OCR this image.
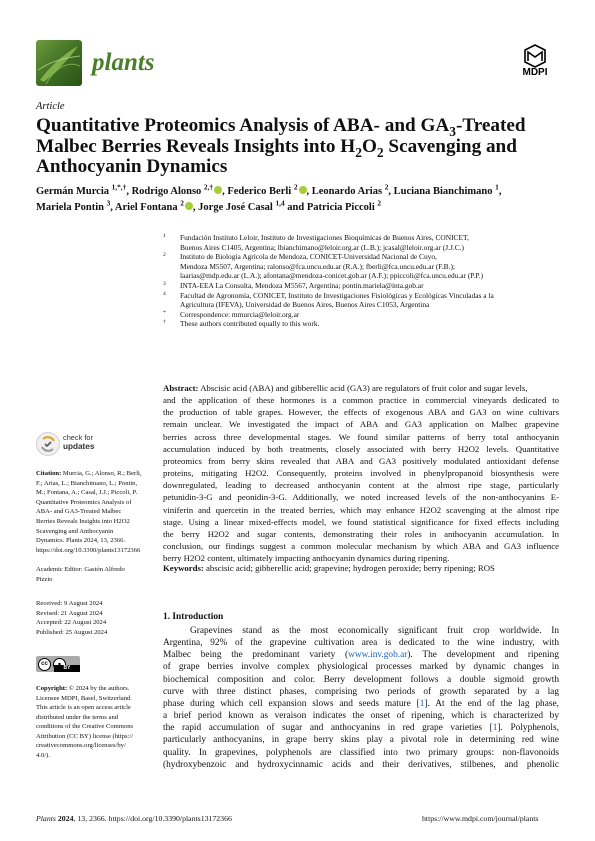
plants	MDPI
Article
Quantitative Proteomics Analysis of ABA- and $GA_3$-Treated
Malbec Berries Reveals Insights into $H_2O_2$ Scavenging and
Anthocyanin Dynamics
Germán Murcia $^{1,*,\dagger}$, Rodrigo Alonso $^{2,\dagger}$ , Federico Berli $^2$ , Leonardo Arias $^2$, Luciana Bianchimano $^1$,
Mariela Pontin $^3$, Ariel Fontana $^2$ , Jorge José Casal $^{1,4}$ and Patricia Piccoli $^2$
1 Fundación Instituto Leloir, Instituto de Investigaciones Bioquímicas de Buenos Aires, CONICET,
Buenos Aires C1405, Argentina; lbianchimano@leloir.org.ar (L.B.); jcasal@leloir.org.ar (J.J.C.)
2 Instituto de Biología Agrícola de Mendoza, CONICET-Universidad Nacional de Cuyo,
Mendoza M5507, Argentina; ralonso@fca.uncu.edu.ar (R.A.); fberli@fca.uncu.edu.ar (F.B.);
laarias@mdp.edu.ar (L.A.); afontana@mendoza-conicet.gob.ar (A.F.); ppiccoli@fca.uncu.edu.ar (P.P.)
3 INTA-EEA La Consulta, Mendoza M5567, Argentina; pontin.mariela@inta.gob.ar
4 Facultad de Agronomía, CONICET, Instituto de Investigaciones Fisiológicas y Ecológicas Vinculadas a la
Agricultura (IFEVA), Universidad de Buenos Aires, Buenos Aires C1053, Argentina
* Correspondence: mmurcia@leloir.org.ar
† These authors contributed equally to this work.
Abstract: Abscisic acid (ABA) and gibberellic acid (GA3) are regulators of fruit color and sugar levels,

and the application of these hormones is a common practice in commercial vineyards dedicated to
the production of table grapes. However, the effects of exogenous ABA and GA3 on wine cultivars
remain unclear. We investigated the impact of ABA and GA3 application on Malbec grapevine
berries across three developmental stages. We found similar patterns of berry total anthocyanin
accumulation induced by both treatments, closely associated with berry H2O2 levels. Quantitative
proteomics from berry skins revealed that ABA and GA3 positively modulated antioxidant defense
proteins, mitigating H2O2. Consequently, proteins involved in phenylpropanoid biosynthesis were
downregulated, leading to decreased anthocyanin content at the almost ripe stage, particularly
petunidin-3-G and peonidin-3-G. Additionally, we noted increased levels of the non-anthocyanins E-
viniferin and quercetin in the treated berries, which may enhance H2O2 scavenging at the almost ripe
stage. Using a linear mixed-effects model, we found statistical significance for fixed effects including
the berry H2O2 and sugar contents, demonstrating their roles in anthocyanin accumulation. In
conclusion, our findings suggest a common molecular mechanism by which ABA and GA3 influence
berry H2O2 content, ultimately impacting anthocyanin dynamics during ripening.
Keywords: abscisic acid; gibberellic acid; grapevine; hydrogen peroxide; berry ripening; ROS
check for
updates
Citation: Murcia, G.; Alonso, R.; Berli,
F.; Arias, L.; Bianchimano, L.; Pontin,
M.; Fontana, A.; Casal, J.J.; Piccoli, P.
Quantitative Proteomics Analysis of
ABA- and GA3-Treated Malbec
Berries Reveals Insights into H2O2
Scavenging and Anthocyanin
Dynamics. Plants 2024, 13, 2366.
https://doi.org/10.3390/plants13172366
Academic Editor: Gastón Alfredo
Pizzio
Received: 9 August 2024
Revised: 21 August 2024
Accepted: 22 August 2024
Published: 25 August 2024
cc
BY
Copyright: © 2024 by the authors.
Licensee MDPI, Basel, Switzerland.
This article is an open access article
distributed under the terms and
conditions of the Creative Commons
Attribution (CC BY) license (https://
creativecommons.org/licenses/by/
4.0/).
1. Introduction
Grapevines stand as the most economically significant fruit crop worldwide. In
Argentina, 92% of the grapevine cultivation area is dedicated to the wine industry, with
Malbec being the predominant variety (www.inv.gob.ar). The development and ripening
of grape berries involve complex physiological processes marked by dynamic changes in
biochemical composition and color. Berry development follows a double sigmoid growth
curve with three distinct phases, comprising two periods of growth separated by a lag
phase during which cell expansion slows and seeds mature [1]. At the end of the lag phase,
a brief period known as veraison indicates the onset of ripening, which is characterized by
the rapid accumulation of sugar and anthocyanins in red grape varieties [1]. Polyphenols,
particularly anthocyanins, in grape berry skins play a pivotal role in determining red wine
quality. In grapevines, polyphenols are classified into two primary groups: non-flavonoids
(hydroxybenzoic and hydroxycinnamic acids and their derivatives, stilbenes, and phenolic
Plants 2024, 13, 2366. https://doi.org/10.3390/plants13172366	https://www.mdpi.com/journal/plants
